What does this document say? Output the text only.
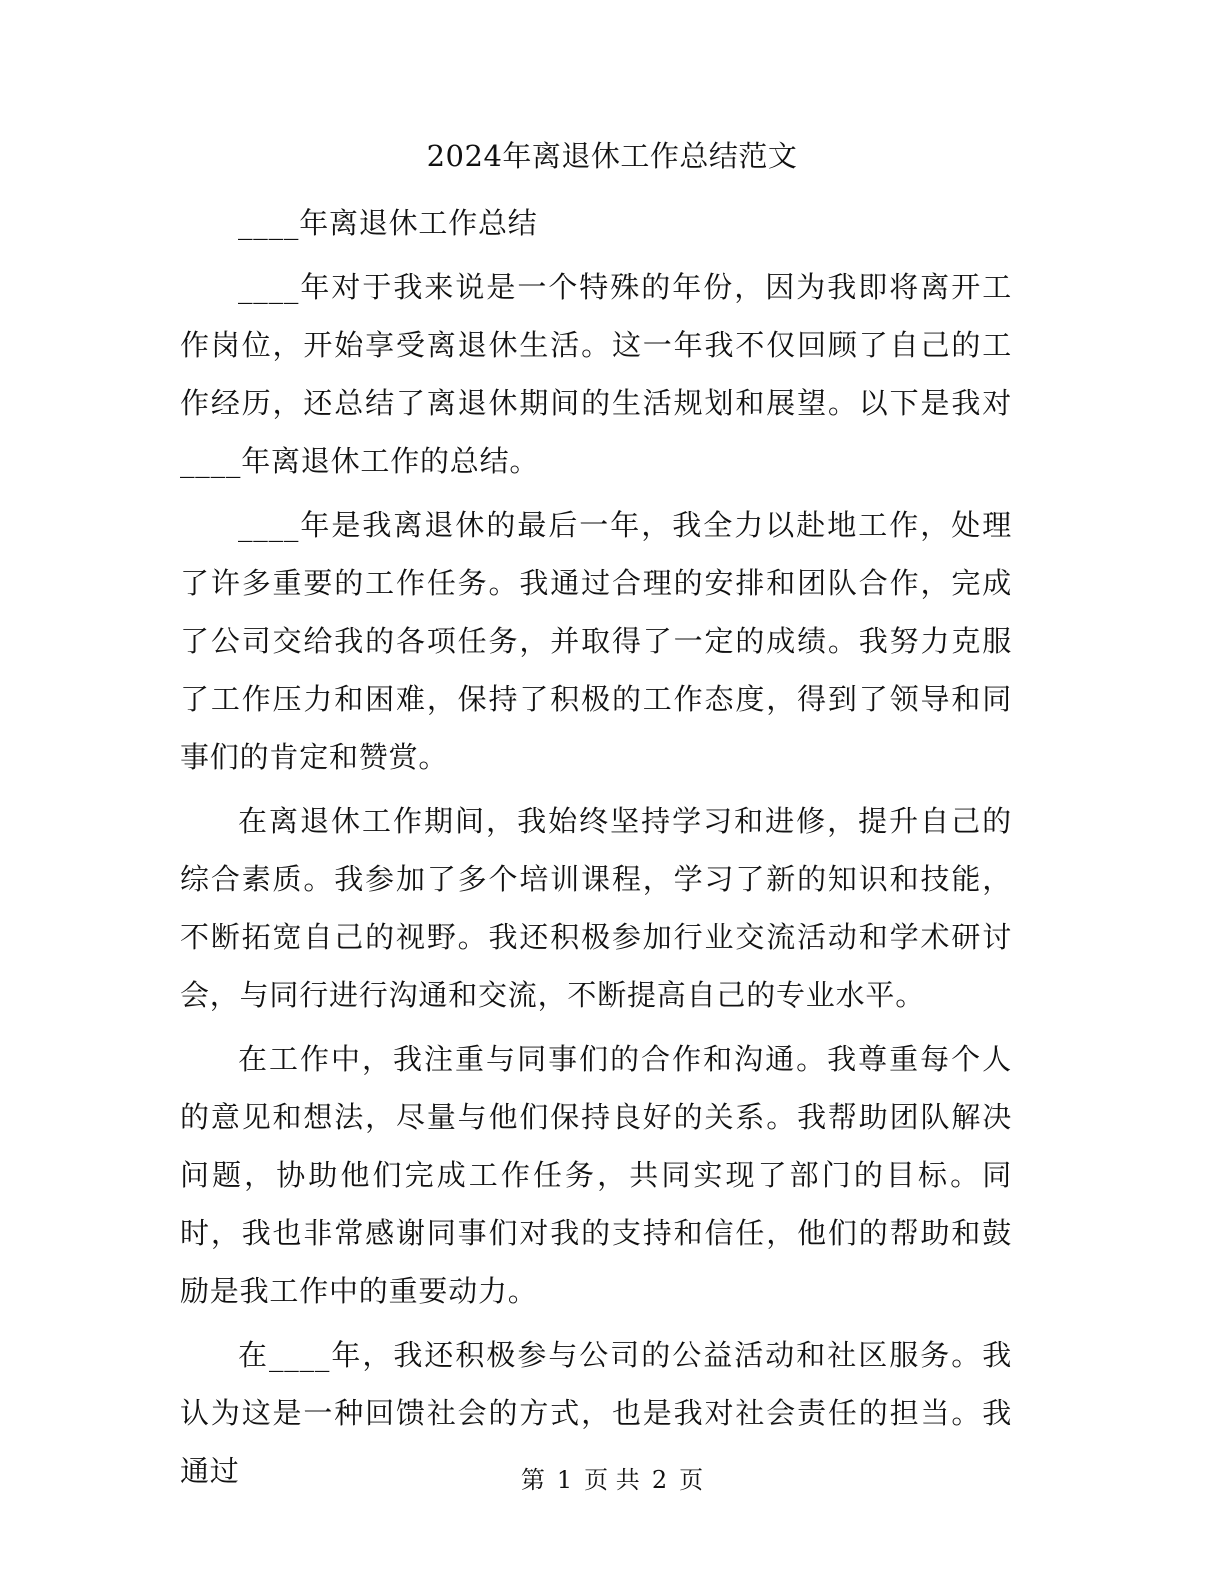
2024年离退休工作总结范文

____年离退休工作总结

____年对于我来说是一个特殊的年份，因为我即将离开工作岗位，开始享受离退休生活。这一年我不仅回顾了自己的工作经历，还总结了离退休期间的生活规划和展望。以下是我对____年离退休工作的总结。

____年是我离退休的最后一年，我全力以赴地工作，处理了许多重要的工作任务。我通过合理的安排和团队合作，完成了公司交给我的各项任务，并取得了一定的成绩。我努力克服了工作压力和困难，保持了积极的工作态度，得到了领导和同事们的肯定和赞赏。

在离退休工作期间，我始终坚持学习和进修，提升自己的综合素质。我参加了多个培训课程，学习了新的知识和技能，不断拓宽自己的视野。我还积极参加行业交流活动和学术研讨会，与同行进行沟通和交流，不断提高自己的专业水平。

在工作中，我注重与同事们的合作和沟通。我尊重每个人的意见和想法，尽量与他们保持良好的关系。我帮助团队解决问题，协助他们完成工作任务，共同实现了部门的目标。同时，我也非常感谢同事们对我的支持和信任，他们的帮助和鼓励是我工作中的重要动力。

在____年，我还积极参与公司的公益活动和社区服务。我认为这是一种回馈社会的方式，也是我对社会责任的担当。我通过	第 1 页 共 2 页
